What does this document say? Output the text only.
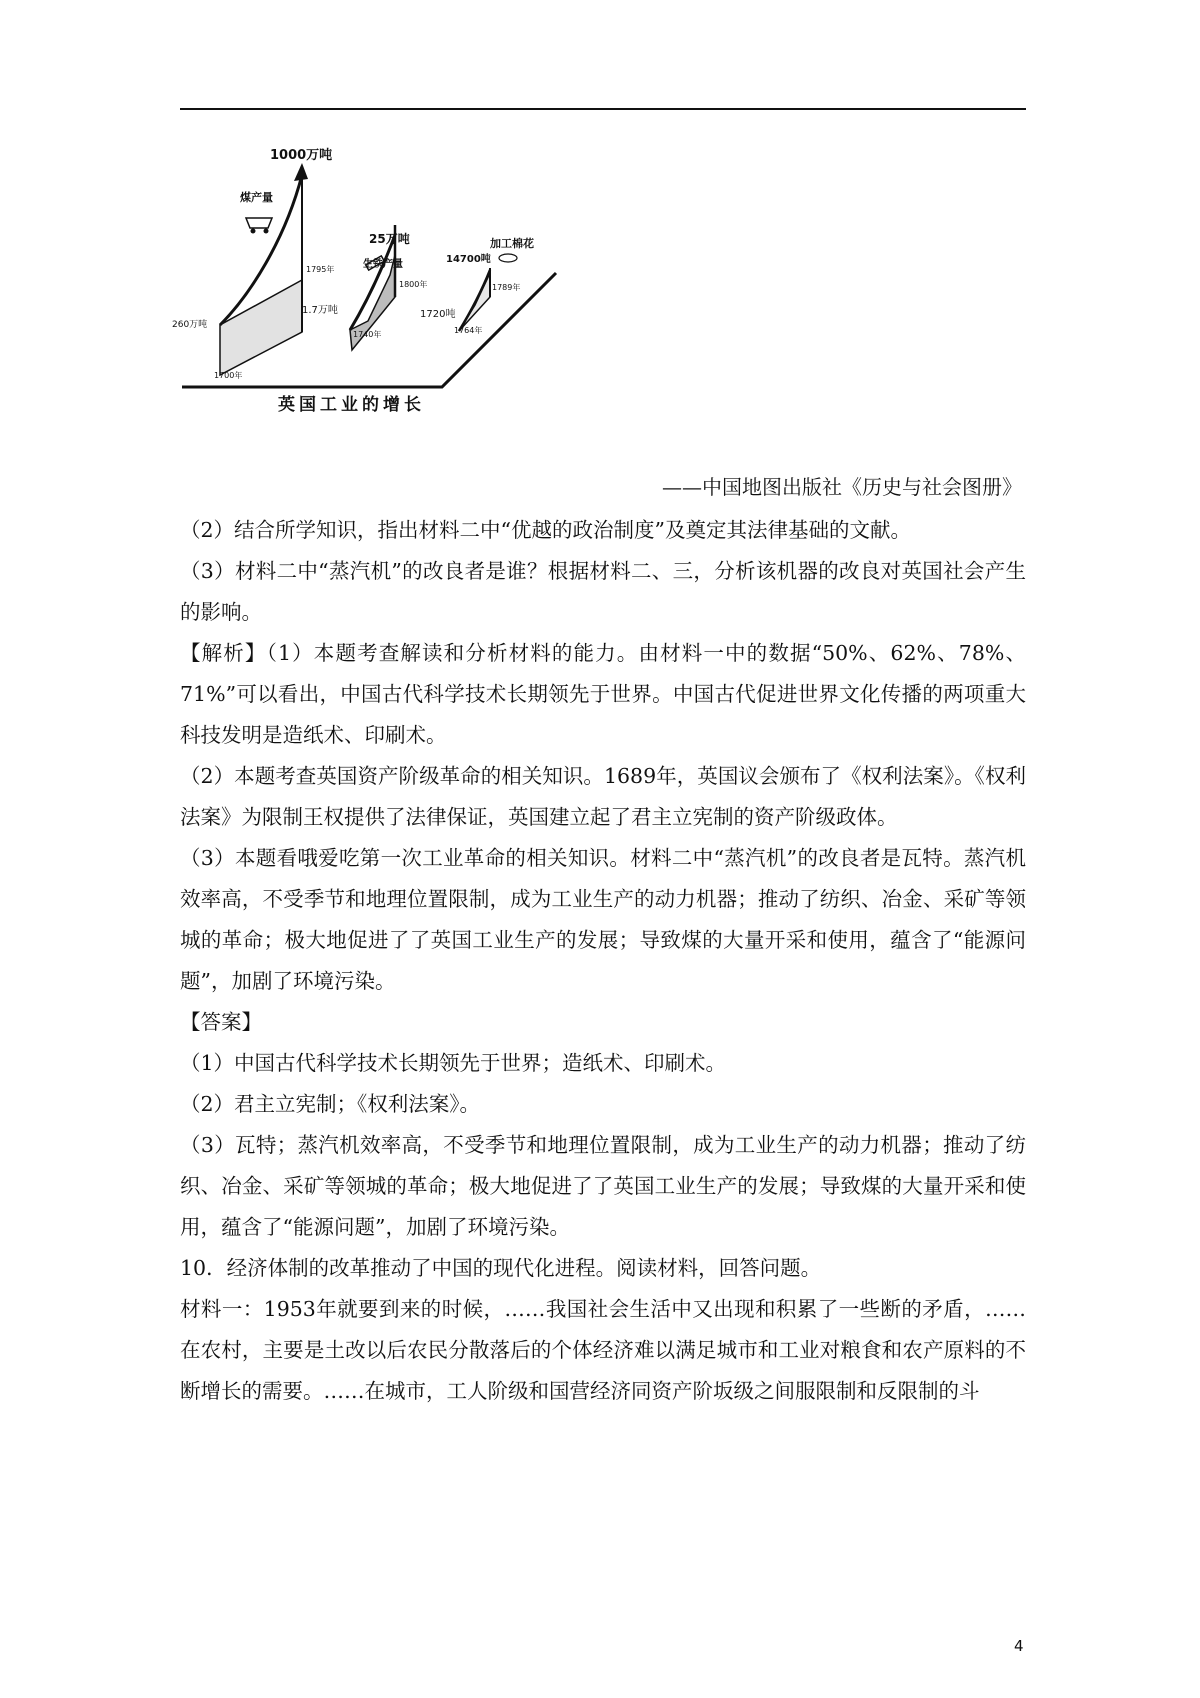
1000万吨
煤产量
260万吨
1700年
1795年
25万吨
生铁产量
1.7万吨
1740年
1800年
14700吨
加工棉花
1720吨
1764年
1789年
英国工业的增长
——中国地图出版社《历史与社会图册》

（2）结合所学知识，指出材料二中“优越的政治制度”及奠定其法律基础的文献。

（3）材料二中“蒸汽机”的改良者是谁？根据材料二、三，分析该机器的改良对英国社会产生的影响。

【解析】（1）本题考查解读和分析材料的能力。由材料一中的数据“50%、62%、78%、71%”可以看出，中国古代科学技术长期领先于世界。中国古代促进世界文化传播的两项重大科技发明是造纸术、印刷术。

（2）本题考查英国资产阶级革命的相关知识。1689年，英国议会颁布了《权利法案》。《权利法案》为限制王权提供了法律保证，英国建立起了君主立宪制的资产阶级政体。

（3）本题看哦爱吃第一次工业革命的相关知识。材料二中“蒸汽机”的改良者是瓦特。蒸汽机效率高，不受季节和地理位置限制，成为工业生产的动力机器；推动了纺织、冶金、采矿等领城的革命；极大地促进了了英国工业生产的发展；导致煤的大量开采和使用，蕴含了“能源问题”，加剧了环境污染。

【答案】

（1）中国古代科学技术长期领先于世界；造纸术、印刷术。

（2）君主立宪制；《权利法案》。

（3）瓦特；蒸汽机效率高，不受季节和地理位置限制，成为工业生产的动力机器；推动了纺织、冶金、采矿等领城的革命；极大地促进了了英国工业生产的发展；导致煤的大量开采和使用，蕴含了“能源问题”，加剧了环境污染。

10．经济体制的改革推动了中国的现代化进程。阅读材料，回答问题。

材料一：1953年就要到来的时候，……我国社会生活中又出现和积累了一些断的矛盾，……在农村，主要是土改以后农民分散落后的个体经济难以满足城市和工业对粮食和农产原料的不断增长的需要。……在城市，工人阶级和国营经济同资产阶坂级之间服限制和反限制的斗

4
